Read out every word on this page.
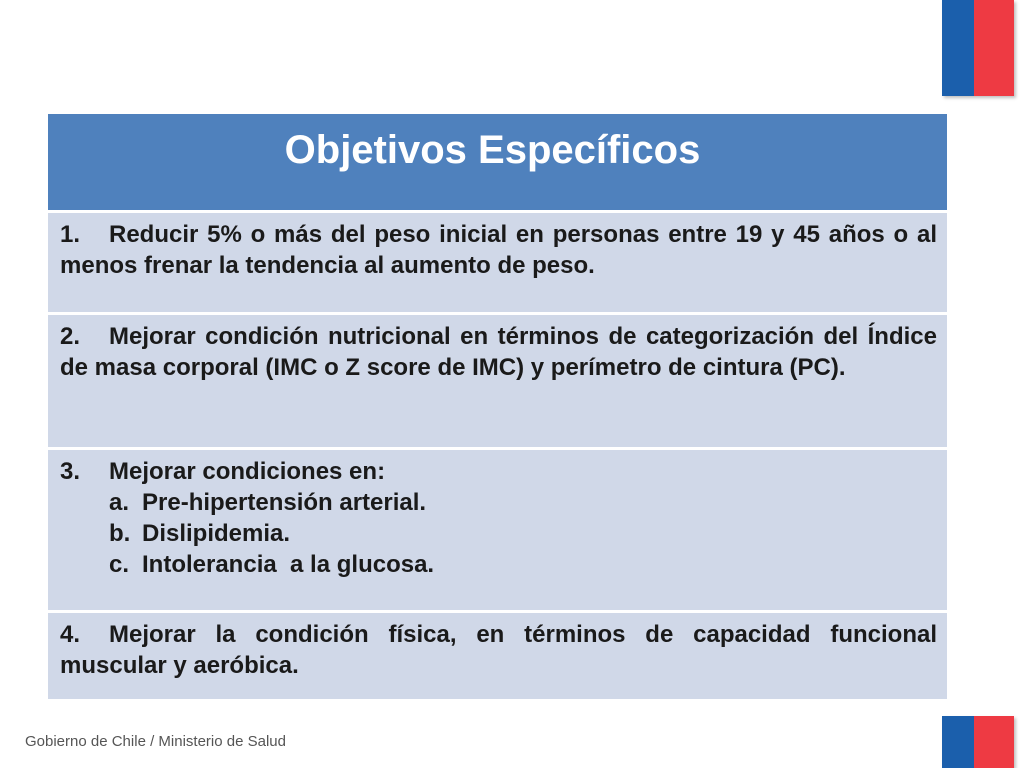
Objetivos Específicos
1. Reducir 5% o más del peso inicial en personas entre 19 y 45 años o al menos frenar la tendencia al aumento de peso.
2. Mejorar condición nutricional en términos de categorización del Índice de masa corporal (IMC o Z score de IMC) y perímetro de cintura (PC).
3. Mejorar condiciones en:
a. Pre-hipertensión arterial.
b. Dislipidemia.
c. Intolerancia  a la glucosa.
4. Mejorar la condición física, en términos de capacidad funcional muscular y aeróbica.
Gobierno de Chile / Ministerio de Salud
